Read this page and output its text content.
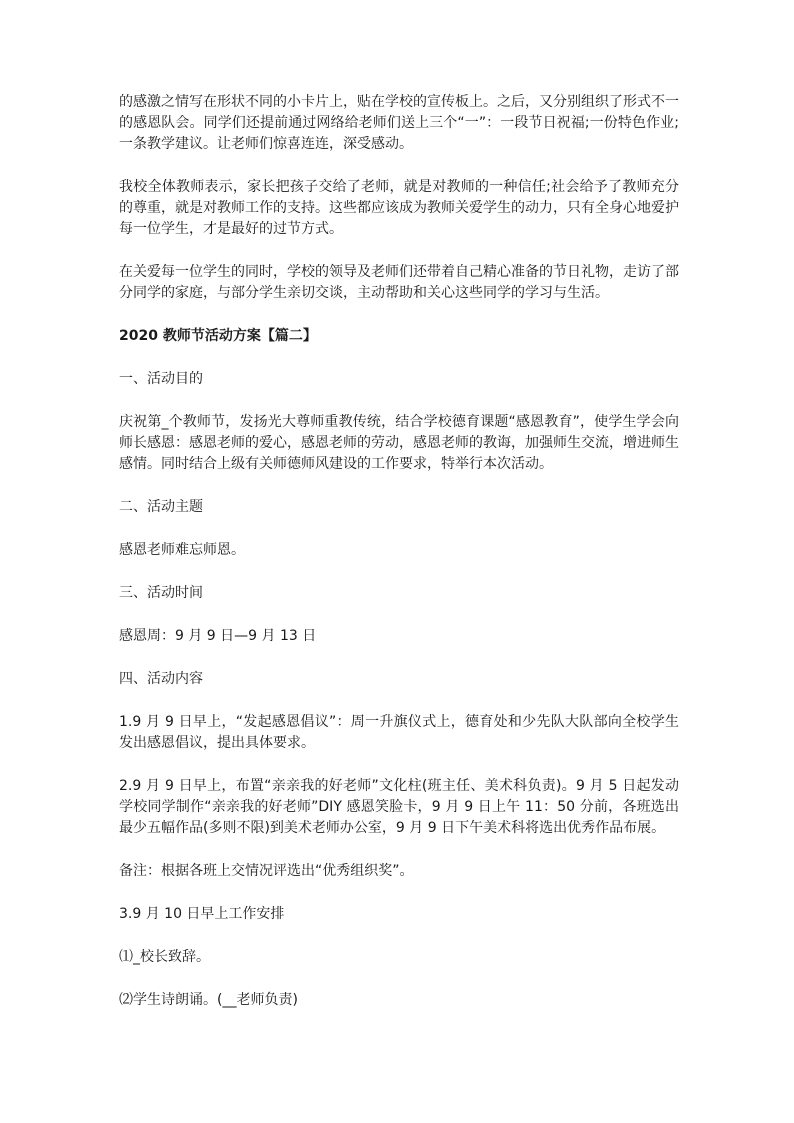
的感激之情写在形状不同的小卡片上，贴在学校的宣传板上。之后，又分别组织了形式不一的感恩队会。同学们还提前通过网络给老师们送上三个“一”：一段节日祝福;一份特色作业;一条教学建议。让老师们惊喜连连，深受感动。

我校全体教师表示，家长把孩子交给了老师，就是对教师的一种信任;社会给予了教师充分的尊重，就是对教师工作的支持。这些都应该成为教师关爱学生的动力，只有全身心地爱护每一位学生，才是最好的过节方式。

在关爱每一位学生的同时，学校的领导及老师们还带着自己精心准备的节日礼物，走访了部分同学的家庭，与部分学生亲切交谈，主动帮助和关心这些同学的学习与生活。

2020 教师节活动方案【篇二】

一、活动目的

庆祝第_个教师节，发扬光大尊师重教传统，结合学校德育课题“感恩教育”，使学生学会向师长感恩：感恩老师的爱心，感恩老师的劳动，感恩老师的教诲，加强师生交流，增进师生感情。同时结合上级有关师德师风建设的工作要求，特举行本次活动。

二、活动主题

感恩老师难忘师恩。

三、活动时间

感恩周：9 月 9 日—9 月 13 日

四、活动内容

1.9 月 9 日早上，“发起感恩倡议”：周一升旗仪式上，德育处和少先队大队部向全校学生发出感恩倡议，提出具体要求。

2.9 月 9 日早上，布置“亲亲我的好老师”文化柱(班主任、美术科负责)。9 月 5 日起发动学校同学制作“亲亲我的好老师”DIY 感恩笑脸卡，9 月 9 日上午 11：50 分前，各班选出最少五幅作品(多则不限)到美术老师办公室，9 月 9 日下午美术科将选出优秀作品布展。

备注：根据各班上交情况评选出“优秀组织奖”。

3.9 月 10 日早上工作安排

⑴_校长致辞。

⑵学生诗朗诵。(__老师负责)
